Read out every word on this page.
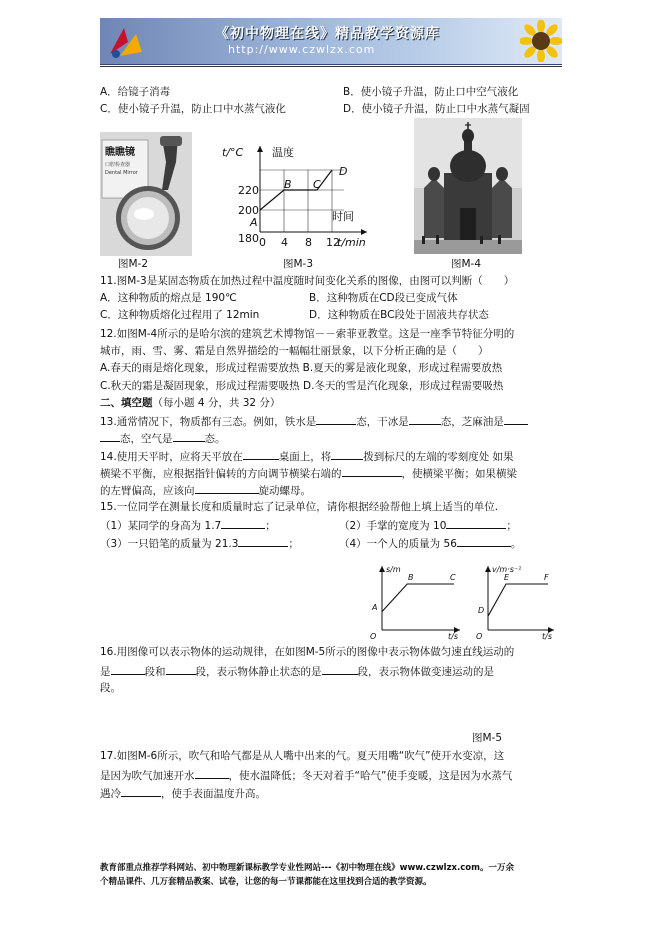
《初中物理在线》精品教学资源库
http://www.czwlzx.com
A．给镜子消毒	B．使小镜子升温，防止口中空气液化
C．使小镜子升温，防止口中水蒸气液化	D．使小镜子升温，防止口中水蒸气凝固
瞧瞧镜
口腔检查器
Dental Mirror
图M-2
t/°C	温度
时间
t/min
220
200
180 0 4 8 12
A
B C
D
图M-3	图M-4
11.图M-3是某固态物质在加热过程中温度随时间变化关系的图像，由图可以判断（　　）
A．这种物质的熔点是 190℃	B．这种物质在CD段已变成气体
C．这种物质熔化过程用了 12min	D．这种物质在BC段处于固液共存状态
12.如图M-4所示的是哈尔滨的建筑艺术博物馆－－索菲亚教堂。这是一座季节特征分明的
城市，雨、雪、雾、霜是自然界描绘的一幅幅壮丽景象，以下分析正确的是（　　）
A.春天的雨是熔化现象，形成过程需要放热 B.夏天的雾是液化现象，形成过程需要放热
C.秋天的霜是凝固现象，形成过程需要吸热 D.冬天的雪是汽化现象，形成过程需要吸热
二、填空题（每小题 4 分，共 32 分）
13.通常情况下，物质都有三态。例如，铁水是	态，干冰是	态，芝麻油是
态，空气是	态。
14.使用天平时，应将天平放在	桌面上，将	拨到标尺的左端的零刻度处 如果
横梁不平衡，应根据指针偏转的方向调节横梁右端的	，使横梁平衡；如果横梁
的左臂偏高，应该向	旋动螺母。
15.一位同学在测量长度和质量时忘了记录单位，请你根据经验帮他上填上适当的单位.
（1）某同学的身高为 1.7	；	（2）手掌的宽度为 10	；
（3）一只铅笔的质量为 21.3	；	（4）一个人的质量为 56	。
s/m
t/s
O
A
B	C
v/m·s⁻¹
t/s
O
D
E	F
16.用图像可以表示物体的运动规律，在如图M-5所示的图像中表示物体做匀速直线运动的
是	段和	段，表示物体静止状态的是	段，表示物体做变速运动的是
段。
图M-5
17.如图M-6所示，吹气和哈气都是从人嘴中出来的气。夏天用嘴“吹气”使开水变凉，这
是因为吹气加速开水	，使水温降低；冬天对着手“哈气”使手变暖，这是因为水蒸气
遇冷	，使手表面温度升高。
教育部重点推荐学科网站、初中物理新课标教学专业性网站---《初中物理在线》www.czwlzx.com。一万余
个精品课件、几万套精品教案、试卷，让您的每一节课都能在这里找到合适的教学资源。
